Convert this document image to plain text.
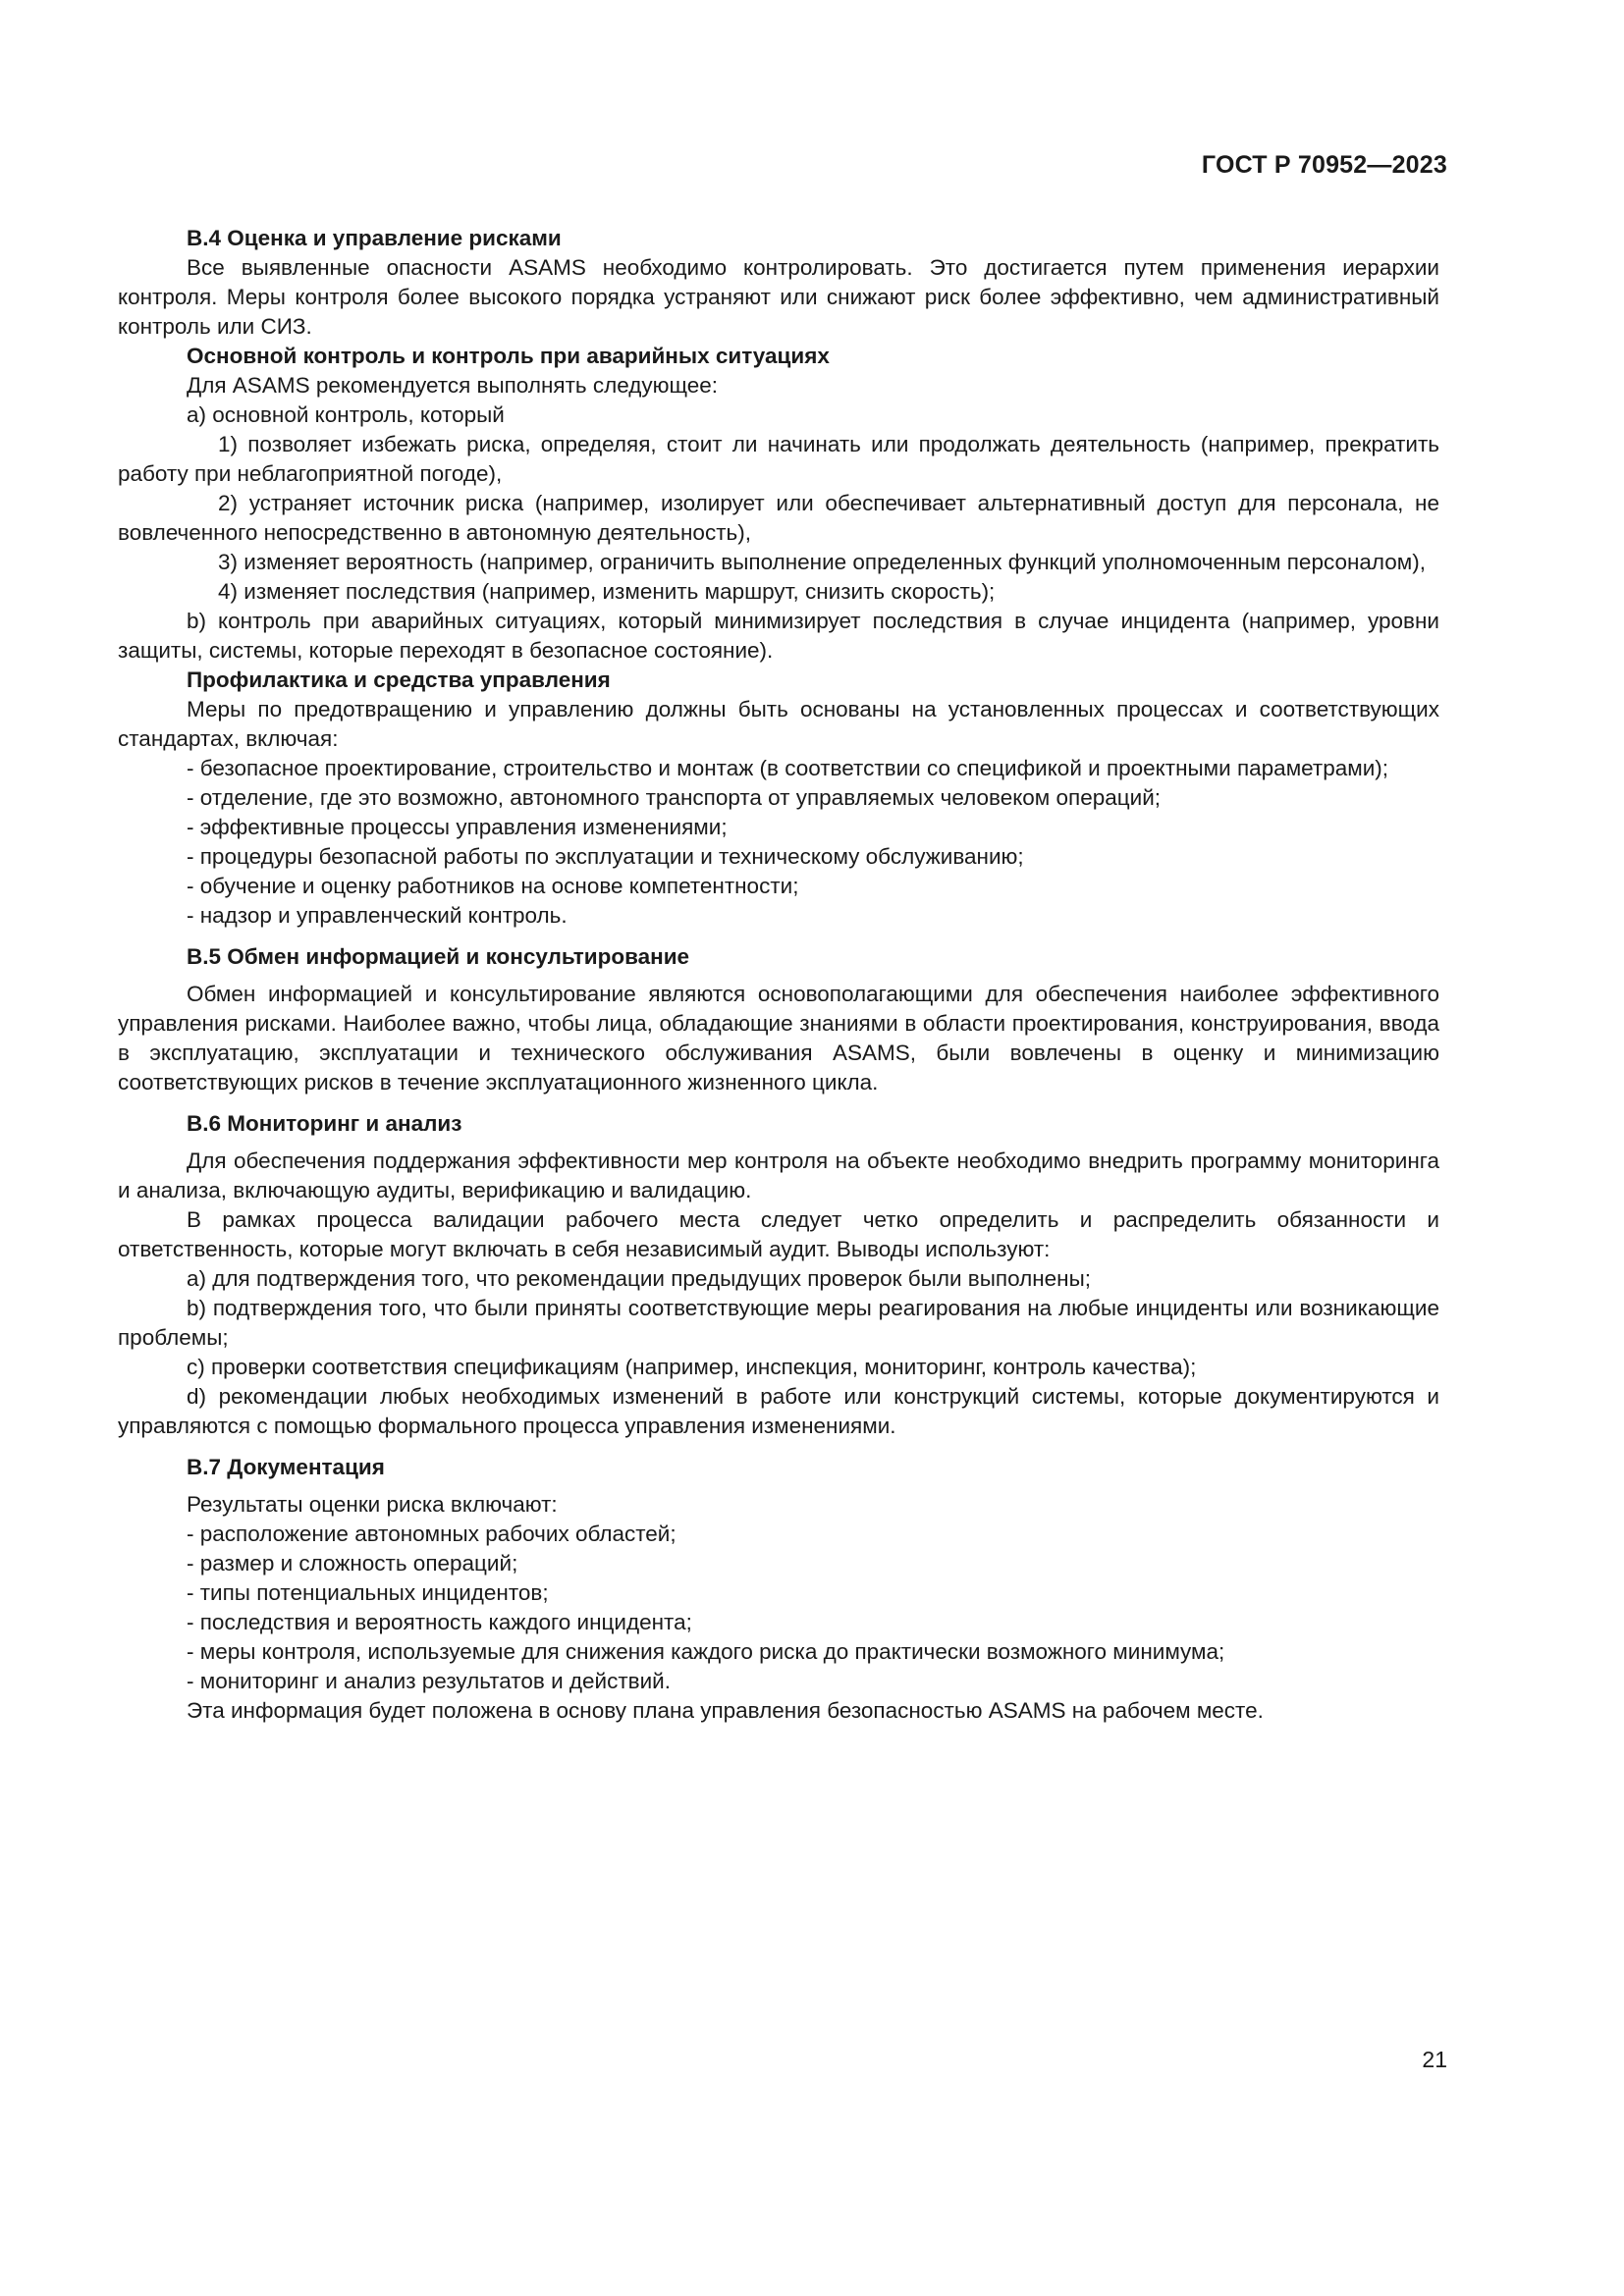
ГОСТ Р 70952—2023

B.4 Оценка и управление рисками

Все выявленные опасности ASAMS необходимо контролировать. Это достигается путем применения иерархии контроля. Меры контроля более высокого порядка устраняют или снижают риск более эффективно, чем административный контроль или СИЗ.

Основной контроль и контроль при аварийных ситуациях

Для ASAMS рекомендуется выполнять следующее:

а) основной контроль, который

1) позволяет избежать риска, определяя, стоит ли начинать или продолжать деятельность (например, прекратить работу при неблагоприятной погоде),

2) устраняет источник риска (например, изолирует или обеспечивает альтернативный доступ для персонала, не вовлеченного непосредственно в автономную деятельность),

3) изменяет вероятность (например, ограничить выполнение определенных функций уполномоченным персоналом),

4) изменяет последствия (например, изменить маршрут, снизить скорость);

b) контроль при аварийных ситуациях, который минимизирует последствия в случае инцидента (например, уровни защиты, системы, которые переходят в безопасное состояние).

Профилактика и средства управления

Меры по предотвращению и управлению должны быть основаны на установленных процессах и соответствующих стандартах, включая:

- безопасное проектирование, строительство и монтаж (в соответствии со спецификой и проектными параметрами);

- отделение, где это возможно, автономного транспорта от управляемых человеком операций;

- эффективные процессы управления изменениями;

- процедуры безопасной работы по эксплуатации и техническому обслуживанию;

- обучение и оценку работников на основе компетентности;

- надзор и управленческий контроль.

B.5 Обмен информацией и консультирование

Обмен информацией и консультирование являются основополагающими для обеспечения наиболее эффективного управления рисками. Наиболее важно, чтобы лица, обладающие знаниями в области проектирования, конструирования, ввода в эксплуатацию, эксплуатации и технического обслуживания ASAMS, были вовлечены в оценку и минимизацию соответствующих рисков в течение эксплуатационного жизненного цикла.

B.6 Мониторинг и анализ

Для обеспечения поддержания эффективности мер контроля на объекте необходимо внедрить программу мониторинга и анализа, включающую аудиты, верификацию и валидацию.

В рамках процесса валидации рабочего места следует четко определить и распределить обязанности и ответственность, которые могут включать в себя независимый аудит. Выводы используют:

а) для подтверждения того, что рекомендации предыдущих проверок были выполнены;

b) подтверждения того, что были приняты соответствующие меры реагирования на любые инциденты или возникающие проблемы;

c) проверки соответствия спецификациям (например, инспекция, мониторинг, контроль качества);

d) рекомендации любых необходимых изменений в работе или конструкций системы, которые документируются и управляются с помощью формального процесса управления изменениями.

B.7 Документация

Результаты оценки риска включают:

- расположение автономных рабочих областей;

- размер и сложность операций;

- типы потенциальных инцидентов;

- последствия и вероятность каждого инцидента;

- меры контроля, используемые для снижения каждого риска до практически возможного минимума;

- мониторинг и анализ результатов и действий.

Эта информация будет положена в основу плана управления безопасностью ASAMS на рабочем месте.

21
